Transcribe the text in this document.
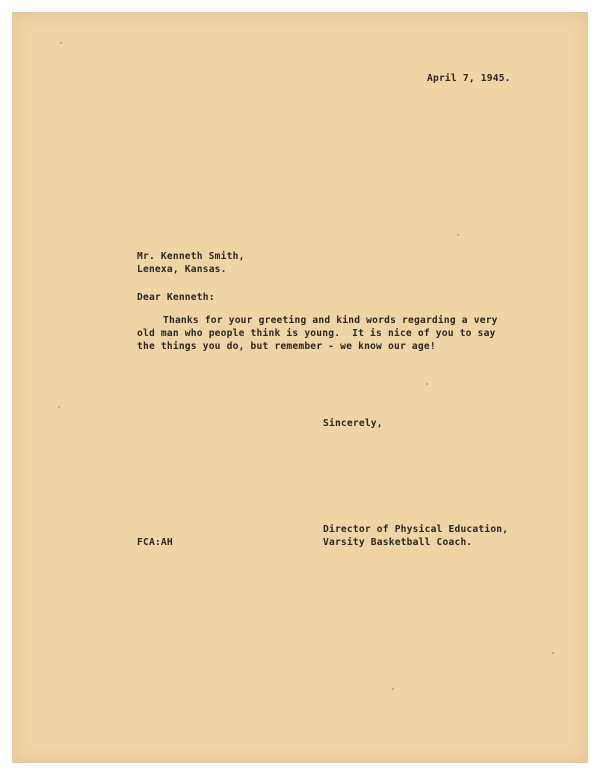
April 7, 1945.

Mr. Kenneth Smith,

Lenexa, Kansas.

Dear Kenneth:

Thanks for your greeting and kind words regarding a very

old man who people think is young.  It is nice of you to say

the things you do, but remember - we know our age!

Sincerely,

Director of Physical Education,

Varsity Basketball Coach.

FCA:AH
